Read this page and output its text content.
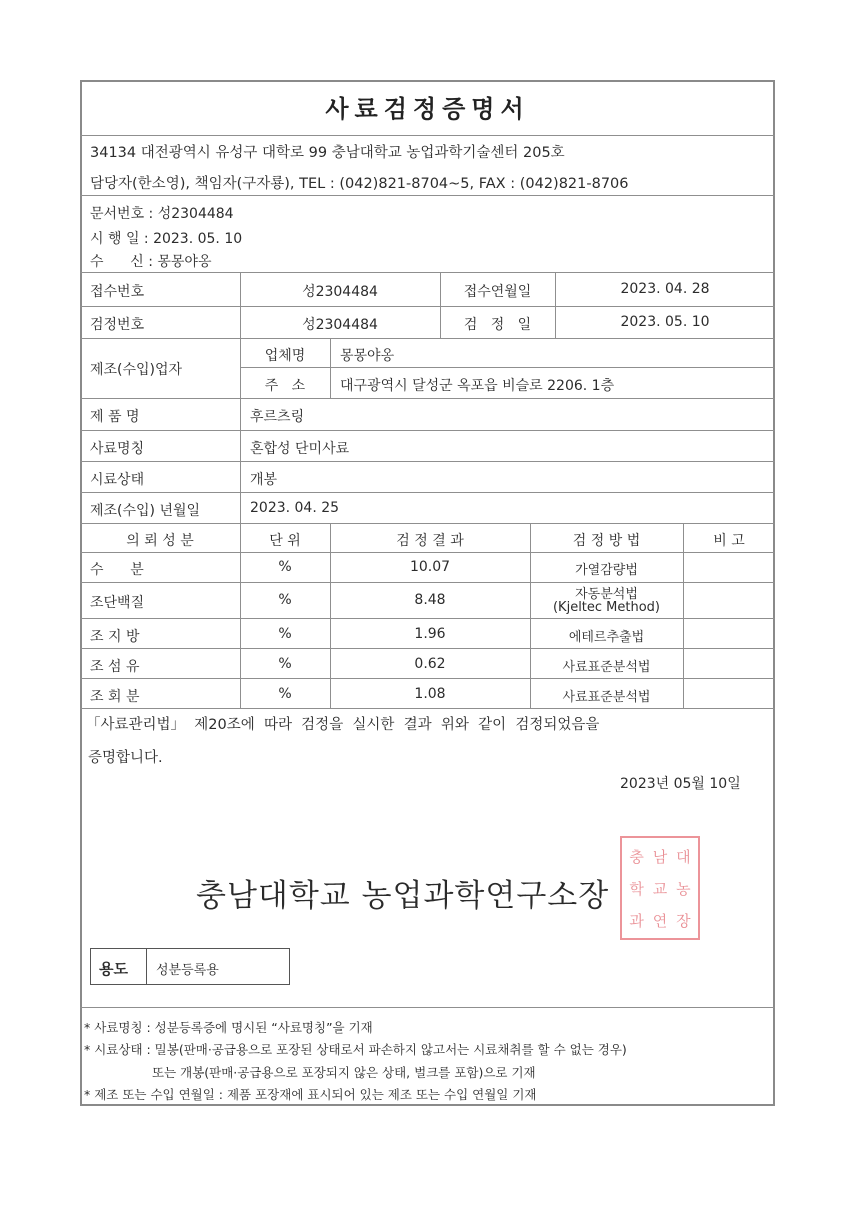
사료검정증명서
34134 대전광역시 유성구 대학로 99 충남대학교 농업과학기술센터 205호
담당자(한소영), 책임자(구자룡), TEL : (042)821-8704~5, FAX : (042)821-8706
문서번호 : 성2304484
시 행 일 : 2023. 05. 10
수      신 : 몽몽야옹
접수번호	성2304484	접수연월일	2023. 04. 28
검정번호	성2304484	검   정   일	2023. 05. 10
제조(수입)업자
업체명	몽몽야옹
주   소	대구광역시 달성군 옥포읍 비슬로 2206. 1층
제 품 명	후르츠링
사료명칭	혼합성 단미사료
시료상태	개봉
제조(수입) 년월일	2023. 04. 25
의 뢰 성 분	단 위	검 정 결 과	검 정 방 법	비 고
수      분	%	10.07	가열감량법
조단백질	%	8.48	자동분석법
(Kjeltec Method)
조 지 방	%	1.96	에테르추출법
조 섬 유	%	0.62	사료표준분석법
조 회 분	%	1.08	사료표준분석법
「사료관리법」  제20조에  따라  검정을  실시한  결과  위와  같이  검정되었음을
증명합니다.
2023년 05월 10일
충남대학교 농업과학연구소장
충 남 대
학 교 농
과 연 장
용도 성분등록용
* 사료명칭 : 성분등록증에 명시된 “사료명칭”을 기재
* 시료상태 : 밀봉(판매·공급용으로 포장된 상태로서 파손하지 않고서는 시료채취를 할 수 없는 경우)
또는 개봉(판매·공급용으로 포장되지 않은 상태, 벌크를 포함)으로 기재
* 제조 또는 수입 연월일 : 제품 포장재에 표시되어 있는 제조 또는 수입 연월일 기재
